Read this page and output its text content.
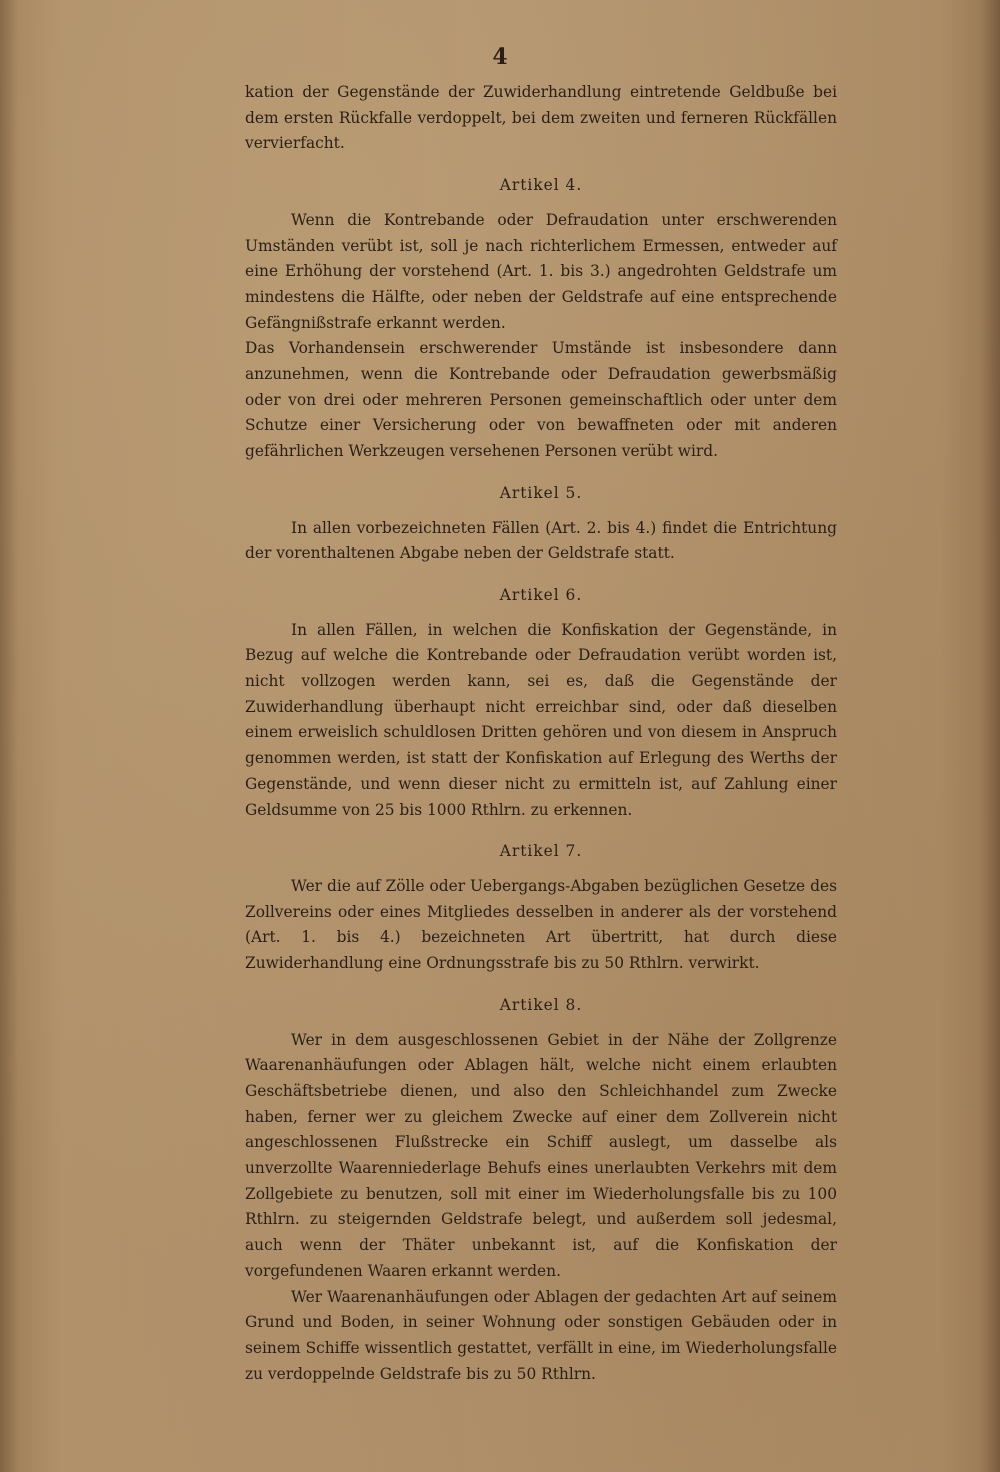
4

kation der Gegenstände der Zuwiderhandlung eintretende Geldbuße bei dem ersten Rückfalle verdoppelt, bei dem zweiten und ferneren Rückfällen vervierfacht.

Artikel 4.

Wenn die Kontrebande oder Defraudation unter erschwerenden Umständen verübt ist, soll je nach richterlichem Ermessen, entweder auf eine Erhöhung der vorstehend (Art. 1. bis 3.) angedrohten Geldstrafe um mindestens die Hälfte, oder neben der Geldstrafe auf eine entsprechende Gefängnißstrafe erkannt werden.

Das Vorhandensein erschwerender Umstände ist insbesondere dann anzunehmen, wenn die Kontrebande oder Defraudation gewerbsmäßig oder von drei oder mehreren Personen gemeinschaftlich oder unter dem Schutze einer Versicherung oder von bewaffneten oder mit anderen gefährlichen Werkzeugen versehenen Personen verübt wird.

Artikel 5.

In allen vorbezeichneten Fällen (Art. 2. bis 4.) findet die Entrichtung der vorenthaltenen Abgabe neben der Geldstrafe statt.

Artikel 6.

In allen Fällen, in welchen die Konfiskation der Gegenstände, in Bezug auf welche die Kontrebande oder Defraudation verübt worden ist, nicht vollzogen werden kann, sei es, daß die Gegenstände der Zuwiderhandlung überhaupt nicht erreichbar sind, oder daß dieselben einem erweislich schuldlosen Dritten gehören und von diesem in Anspruch genommen werden, ist statt der Konfiskation auf Erlegung des Werths der Gegenstände, und wenn dieser nicht zu ermitteln ist, auf Zahlung einer Geldsumme von 25 bis 1000 Rthlrn. zu erkennen.

Artikel 7.

Wer die auf Zölle oder Uebergangs-Abgaben bezüglichen Gesetze des Zollvereins oder eines Mitgliedes desselben in anderer als der vorstehend (Art. 1. bis 4.) bezeichneten Art übertritt, hat durch diese Zuwiderhandlung eine Ordnungsstrafe bis zu 50 Rthlrn. verwirkt.

Artikel 8.

Wer in dem ausgeschlossenen Gebiet in der Nähe der Zollgrenze Waarenanhäufungen oder Ablagen hält, welche nicht einem erlaubten Geschäftsbetriebe dienen, und also den Schleichhandel zum Zwecke haben, ferner wer zu gleichem Zwecke auf einer dem Zollverein nicht angeschlossenen Flußstrecke ein Schiff auslegt, um dasselbe als unverzollte Waarenniederlage Behufs eines unerlaubten Verkehrs mit dem Zollgebiete zu benutzen, soll mit einer im Wiederholungsfalle bis zu 100 Rthlrn. zu steigernden Geldstrafe belegt, und außerdem soll jedesmal, auch wenn der Thäter unbekannt ist, auf die Konfiskation der vorgefundenen Waaren erkannt werden.

Wer Waarenanhäufungen oder Ablagen der gedachten Art auf seinem Grund und Boden, in seiner Wohnung oder sonstigen Gebäuden oder in seinem Schiffe wissentlich gestattet, verfällt in eine, im Wiederholungsfalle zu verdoppelnde Geldstrafe bis zu 50 Rthlrn.
